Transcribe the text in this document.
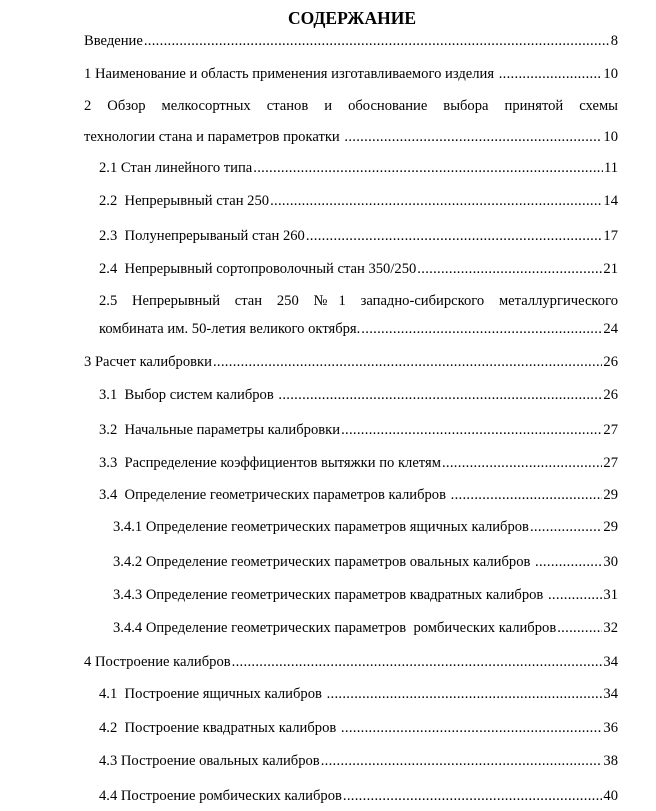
СОДЕРЖАНИЕ
Введение .....	8
1 Наименование и область применения изготавливаемого изделия .....	10
2 Обзор мелкосортных станов и обоснование выбора принятой схемы
технологии стана и параметров прокатки .....	10
2.1 Стан линейного типа .....	11
2.2  Непрерывный стан 250 .....	14
2.3  Полунепрерываный стан 260 .....	17
2.4  Непрерывный сортопроволочный стан 350/250 .....	21
2.5 Непрерывный стан 250 №1 западно-сибирского металлургического
комбината им. 50-летия великого октября. .....	24
3 Расчет калибровки .....	26
3.1  Выбор систем калибров .....	26
3.2  Начальные параметры калибровки .....	27
3.3  Распределение коэффициентов вытяжки по клетям .....	27
3.4  Определение геометрических параметров калибров .....	29
3.4.1 Определение геометрических параметров ящичных калибров .....	29
3.4.2 Определение геометрических параметров овальных калибров .....	30
3.4.3 Определение геометрических параметров квадратных калибров .....	31
3.4.4 Определение геометрических параметров  ромбических калибров .....	32
4 Построение калибров .....	34
4.1  Построение ящичных калибров .....	34
4.2  Построение квадратных калибров .....	36
4.3 Построение овальных калибров .....	38
4.4 Построение ромбических калибров .....	40
